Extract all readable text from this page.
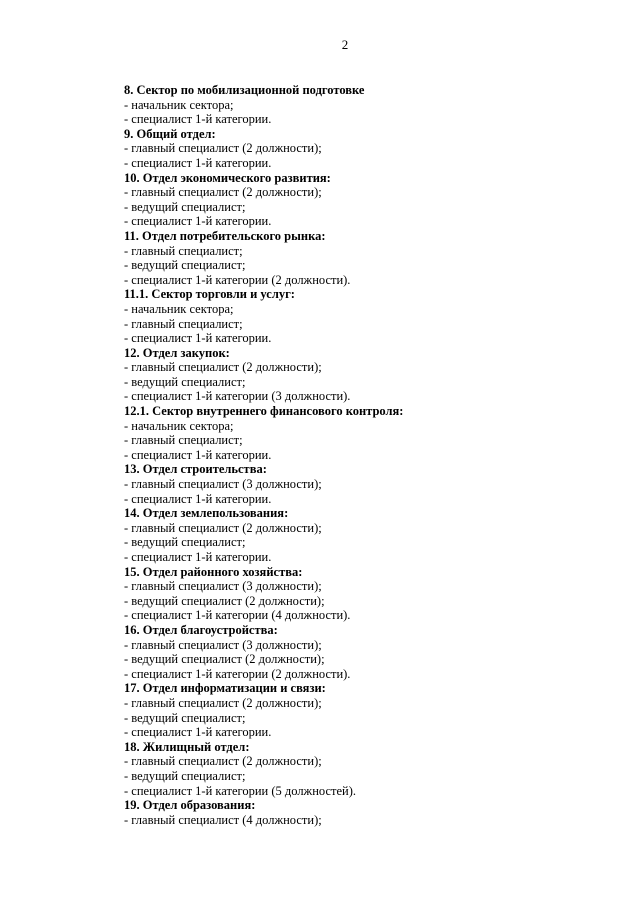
2
8. Сектор по мобилизационной подготовке
- начальник сектора;
- специалист 1-й категории.
9. Общий отдел:
- главный специалист (2 должности);
- специалист 1-й категории.
10. Отдел экономического развития:
- главный специалист (2 должности);
- ведущий специалист;
- специалист 1-й категории.
11. Отдел потребительского рынка:
- главный специалист;
- ведущий специалист;
- специалист 1-й категории (2 должности).
11.1. Сектор торговли и услуг:
- начальник сектора;
- главный специалист;
- специалист 1-й категории.
12. Отдел закупок:
- главный специалист (2 должности);
- ведущий специалист;
- специалист 1-й категории (3 должности).
12.1. Сектор внутреннего финансового контроля:
- начальник сектора;
- главный специалист;
- специалист 1-й категории.
13. Отдел строительства:
- главный специалист (3 должности);
- специалист 1-й категории.
14. Отдел землепользования:
- главный специалист (2 должности);
- ведущий специалист;
- специалист 1-й категории.
15. Отдел районного хозяйства:
- главный специалист (3 должности);
- ведущий специалист (2 должности);
- специалист 1-й категории (4 должности).
16. Отдел благоустройства:
- главный специалист (3 должности);
- ведущий специалист (2 должности);
- специалист 1-й категории (2 должности).
17. Отдел информатизации и связи:
- главный специалист (2 должности);
- ведущий специалист;
- специалист 1-й категории.
18. Жилищный отдел:
- главный специалист (2 должности);
- ведущий специалист;
- специалист 1-й категории (5 должностей).
19. Отдел образования:
- главный специалист (4 должности);
